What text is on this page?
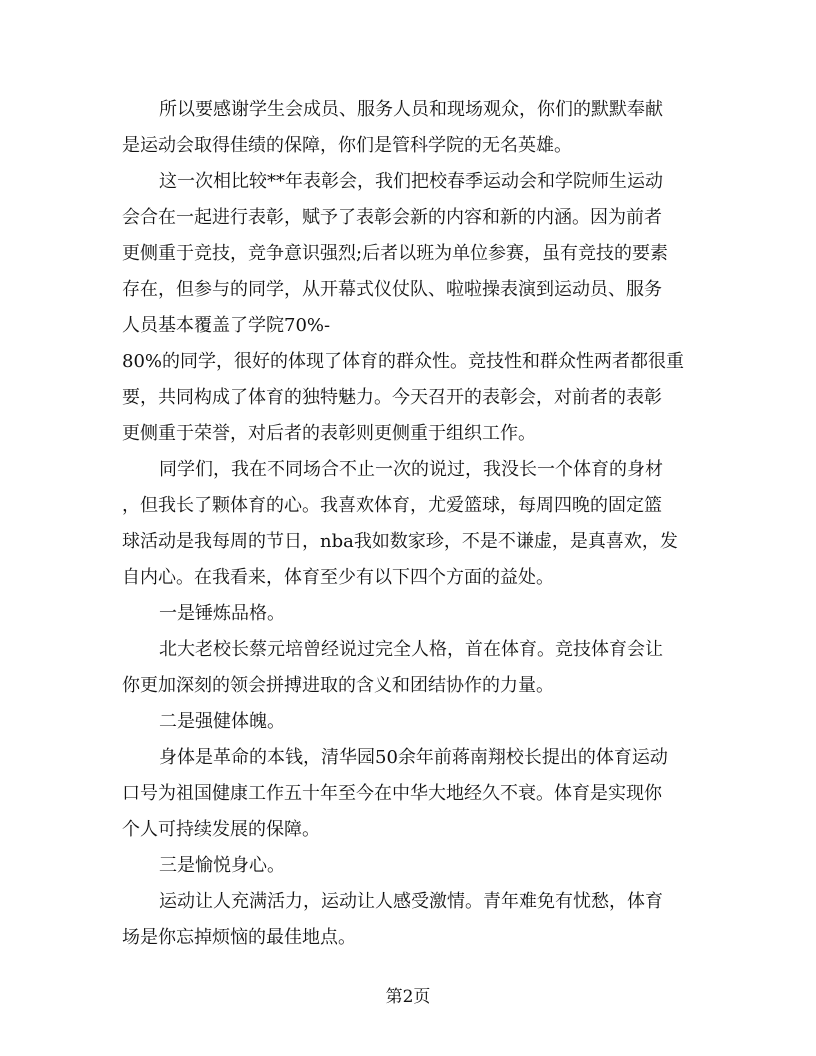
所以要感谢学生会成员、服务人员和现场观众，你们的默默奉献
是运动会取得佳绩的保障，你们是管科学院的无名英雄。
这一次相比较**年表彰会，我们把校春季运动会和学院师生运动
会合在一起进行表彰，赋予了表彰会新的内容和新的内涵。因为前者
更侧重于竞技，竞争意识强烈;后者以班为单位参赛，虽有竞技的要素
存在，但参与的同学，从开幕式仪仗队、啦啦操表演到运动员、服务
人员基本覆盖了学院70%-
80%的同学，很好的体现了体育的群众性。竞技性和群众性两者都很重
要，共同构成了体育的独特魅力。今天召开的表彰会，对前者的表彰
更侧重于荣誉，对后者的表彰则更侧重于组织工作。
同学们，我在不同场合不止一次的说过，我没长一个体育的身材
，但我长了颗体育的心。我喜欢体育，尤爱篮球，每周四晚的固定篮
球活动是我每周的节日，nba我如数家珍，不是不谦虚，是真喜欢，发
自内心。在我看来，体育至少有以下四个方面的益处。
一是锤炼品格。
北大老校长蔡元培曾经说过完全人格，首在体育。竞技体育会让
你更加深刻的领会拼搏进取的含义和团结协作的力量。
二是强健体魄。
身体是革命的本钱，清华园50余年前蒋南翔校长提出的体育运动
口号为祖国健康工作五十年至今在中华大地经久不衰。体育是实现你
个人可持续发展的保障。
三是愉悦身心。
运动让人充满活力，运动让人感受激情。青年难免有忧愁，体育
场是你忘掉烦恼的最佳地点。
第2页
